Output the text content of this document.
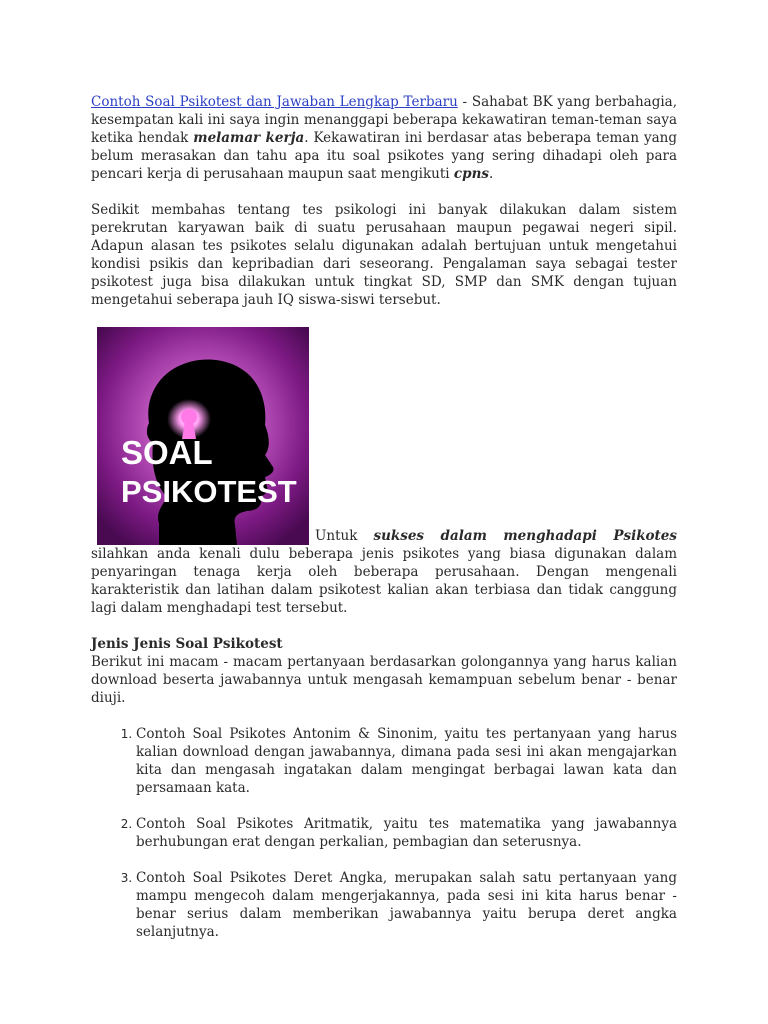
Contoh Soal Psikotest dan Jawaban Lengkap Terbaru - Sahabat BK yang berbahagia, kesempatan kali ini saya ingin menanggapi beberapa kekawatiran teman-teman saya ketika hendak melamar kerja. Kekawatiran ini berdasar atas beberapa teman yang belum merasakan dan tahu apa itu soal psikotes yang sering dihadapi oleh para pencari kerja di perusahaan maupun saat mengikuti cpns.

Sedikit membahas tentang tes psikologi ini banyak dilakukan dalam sistem perekrutan karyawan baik di suatu perusahaan maupun pegawai negeri sipil. Adapun alasan tes psikotes selalu digunakan adalah bertujuan untuk mengetahui kondisi psikis dan kepribadian dari seseorang. Pengalaman saya sebagai tester psikotest juga bisa dilakukan untuk tingkat SD, SMP dan SMK dengan tujuan mengetahui seberapa jauh IQ siswa-siswi tersebut.

SOAL
PSIKOTEST
Untuk sukses dalam menghadapi Psikotes silahkan anda kenali dulu beberapa jenis psikotes yang biasa digunakan dalam penyaringan tenaga kerja oleh beberapa perusahaan. Dengan mengenali karakteristik dan latihan dalam psikotest kalian akan terbiasa dan tidak canggung lagi dalam menghadapi test tersebut.

Jenis Jenis Soal Psikotest

Berikut ini macam - macam pertanyaan berdasarkan golongannya yang harus kalian download beserta jawabannya untuk mengasah kemampuan sebelum benar - benar diuji.

1. Contoh Soal Psikotes Antonim & Sinonim, yaitu tes pertanyaan yang harus kalian download dengan jawabannya, dimana pada sesi ini akan mengajarkan kita dan mengasah ingatakan dalam mengingat berbagai lawan kata dan persamaan kata.
2. Contoh Soal Psikotes Aritmatik, yaitu tes matematika yang jawabannya berhubungan erat dengan perkalian, pembagian dan seterusnya.
3. Contoh Soal Psikotes Deret Angka, merupakan salah satu pertanyaan yang mampu mengecoh dalam mengerjakannya, pada sesi ini kita harus benar - benar serius dalam memberikan jawabannya yaitu berupa deret angka selanjutnya.
